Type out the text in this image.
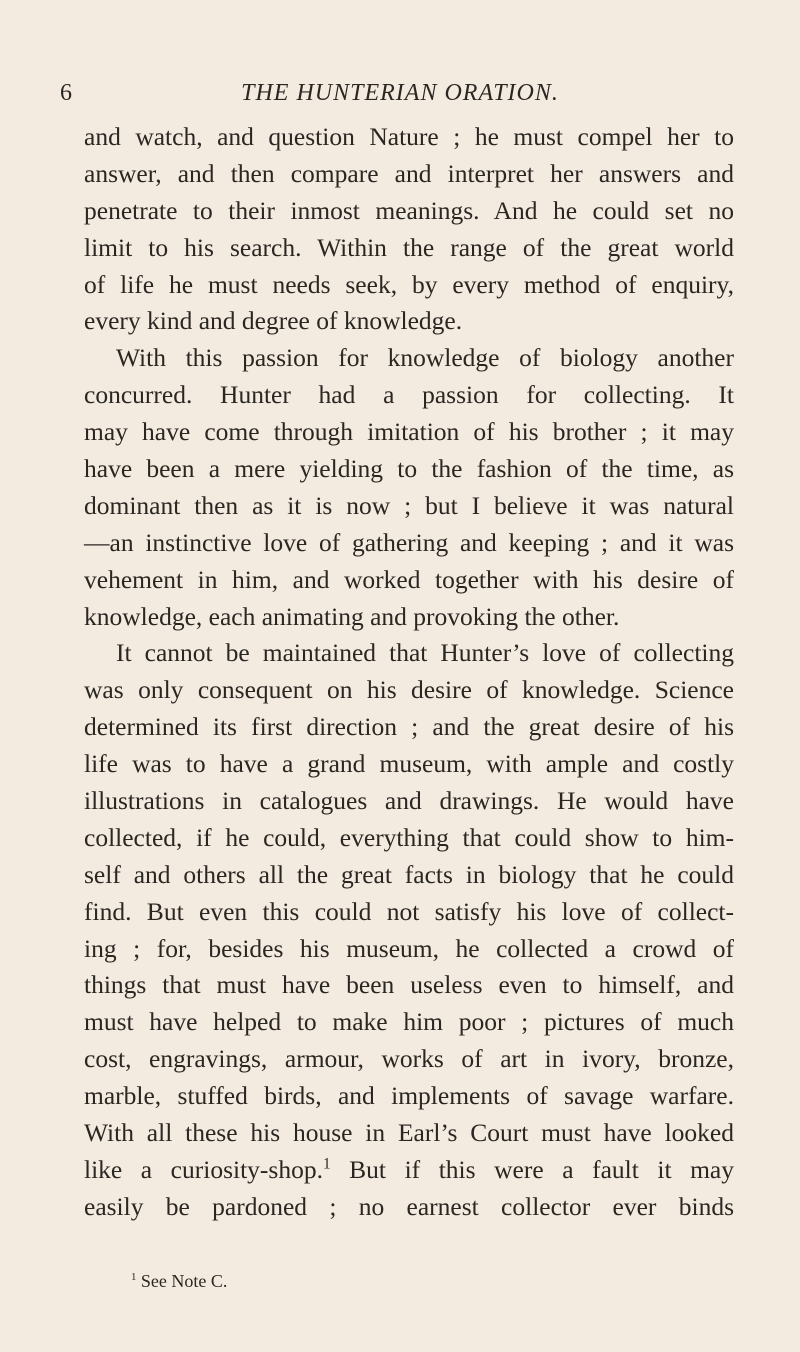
6	THE HUNTERIAN ORATION.
and watch, and question Nature ; he must compel her to
answer, and then compare and interpret her answers and
penetrate to their inmost meanings. And he could set no
limit to his search. Within the range of the great world
of life he must needs seek, by every method of enquiry,
every kind and degree of knowledge.
With this passion for knowledge of biology another
concurred. Hunter had a passion for collecting. It
may have come through imitation of his brother ; it may
have been a mere yielding to the fashion of the time, as
dominant then as it is now ; but I believe it was natural
—an instinctive love of gathering and keeping ; and it was
vehement in him, and worked together with his desire of
knowledge, each animating and provoking the other.
It cannot be maintained that Hunter’s love of collecting
was only consequent on his desire of knowledge. Science
determined its first direction ; and the great desire of his
life was to have a grand museum, with ample and costly
illustrations in catalogues and drawings. He would have
collected, if he could, everything that could show to him-
self and others all the great facts in biology that he could
find. But even this could not satisfy his love of collect-
ing ; for, besides his museum, he collected a crowd of
things that must have been useless even to himself, and
must have helped to make him poor ; pictures of much
cost, engravings, armour, works of art in ivory, bronze,
marble, stuffed birds, and implements of savage warfare.
With all these his house in Earl’s Court must have looked
like a curiosity-shop.$^1$ But if this were a fault it may
easily be pardoned ; no earnest collector ever binds
$^1$ See Note C.
